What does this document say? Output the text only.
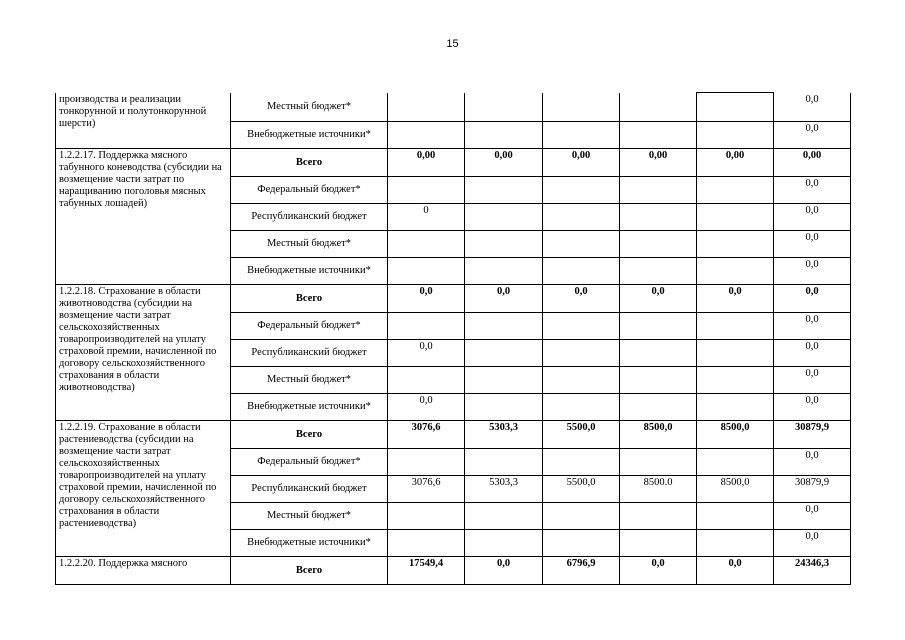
15
производства и реализации тонкорунной и полутонкорунной шерсти)	Местный бюджет*						0,0
	Внебюджетные источники*						0,0
1.2.2.17. Поддержка мясного табунного коневодства (субсидии на возмещение части затрат по наращиванию поголовья мясных табунных лошадей)	Всего	0,00	0,00	0,00	0,00	0,00	0,00
	Федеральный бюджет*						0,0
	Республиканский бюджет	0					0,0
	Местный бюджет*						0,0
	Внебюджетные источники*						0,0
1.2.2.18. Страхование в области животноводства (субсидии на возмещение части затрат сельскохозяйственных товаропроизводителей на уплату страховой премии, начисленной по договору сельскохозяйственного страхования в области животноводства)	Всего	0,0	0,0	0,0	0,0	0,0	0,0
	Федеральный бюджет*						0,0
	Республиканский бюджет	0,0					0,0
	Местный бюджет*						0,0
	Внебюджетные источники*	0,0					0,0
1.2.2.19. Страхование в области растениеводства (субсидии на возмещение части затрат сельскохозяйственных товаропроизводителей на уплату страховой премии, начисленной по договору сельскохозяйственного страхования в области растениеводства)	Всего	3076,6	5303,3	5500,0	8500,0	8500,0	30879,9
	Федеральный бюджет*						0,0
	Республиканский бюджет	3076,6	5303,3	5500,0	8500.0	8500,0	30879,9
	Местный бюджет*						0,0
	Внебюджетные источники*						0,0
1.2.2.20. Поддержка мясного	Всего	17549,4	0,0	6796,9	0,0	0,0	24346,3
